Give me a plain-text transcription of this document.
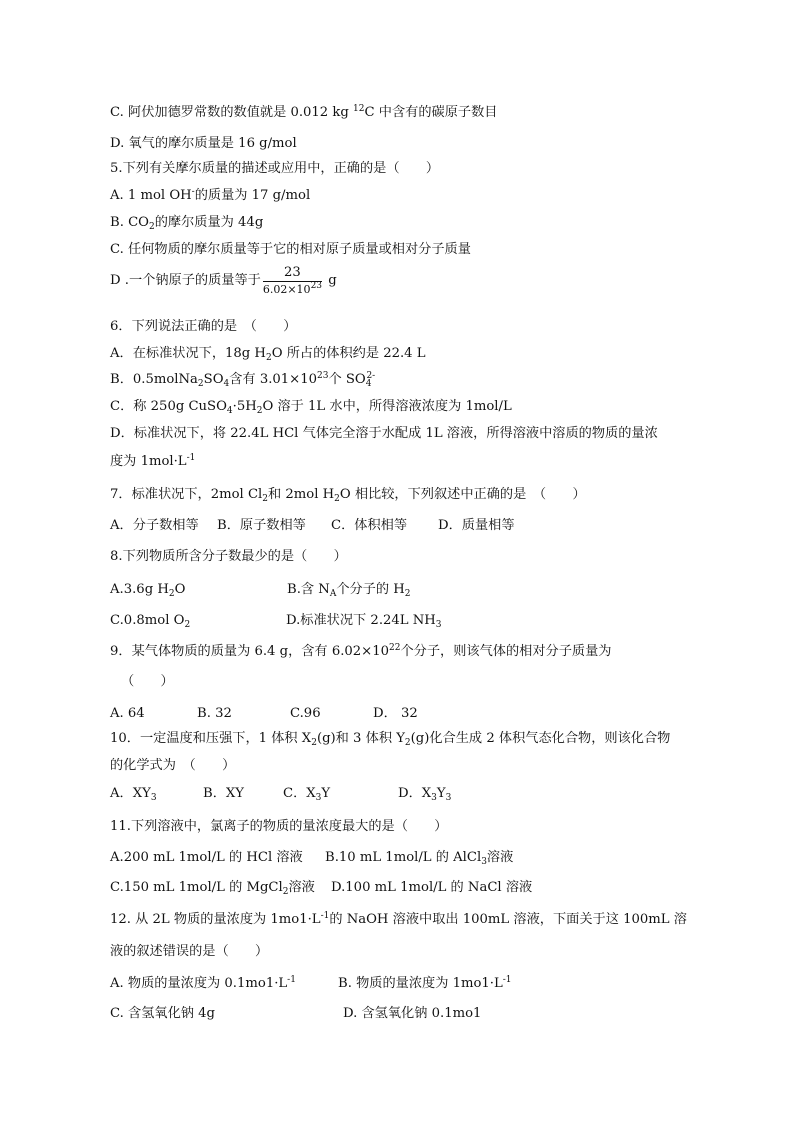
C. 阿伏加德罗常数的数值就是 0.012 kg $^{12}$C 中含有的碳原子数目
D. 氧气的摩尔质量是 16 g/mol
5.下列有关摩尔质量的描述或应用中，正确的是（　　）
A. 1 mol OH-的质量为 17 g/mol
B. $CO_2$的摩尔质量为 44g
C. 任何物质的摩尔质量等于它的相对原子质量或相对分子质量
D .一个钠原子的质量等于 $\frac{23}{6.02\times 10^{23}}$ g
6．下列说法正确的是　（　　）
A．在标准状况下，18g $H_2O$ 所占的体积约是 22.4 L
B．$0.5molNa_2SO_4$含有 $3.01\times 10^{23}$个 $SO_4^{2-}$
C．称 250g $CuSO_4\cdot 5H_2O$ 溶于 1L 水中，所得溶液浓度为 1mol/L
D．标准状况下，将 22.4L HCl 气体完全溶于水配成 1L 溶液，所得溶液中溶质的物质的量浓
度为 $1mol\cdot L^{-1}$
7．标准状况下，2mol $Cl_2$和 2mol $H_2O$ 相比较，下列叙述中正确的是　（　　）
A．分子数相等 B．原子数相等 C．体积相等 D．质量相等
8.下列物质所含分子数最少的是（　　）
A.3.6g $H_2O$	B.含 $N_A$个分子的 $H_2$
C.0.8mol $O_2$	D.标准状况下 2.24L $NH_3$
9．某气体物质的质量为 6.4 g，含有 $6.02\times 10^{22}$个分子，则该气体的相对分子质量为
（　　）
A. 64	B. 32	C.96	D． 32
10．一定温度和压强下，1 体积 $X_2(g)$和 3 体积 $Y_2(g)$化合生成 2 体积气态化合物，则该化合物
的化学式为　（　　）
A．$XY_3$	B．XY	C．$X_3Y$	D．$X_3Y_3$
11.下列溶液中，氯离子的物质的量浓度最大的是（　　）
A.200 mL 1mol/L 的 HCl 溶液 B.10 mL 1mol/L 的 AlCl$_3$溶液
C.150 mL 1mol/L 的 MgCl$_2$溶液 D.100 mL 1mol/L 的 NaCl 溶液
12. 从 2L 物质的量浓度为 $1mo1\cdot L^{-1}$的 NaOH 溶液中取出 100mL 溶液，下面关于这 100mL 溶
液的叙述错误的是（　　）
A. 物质的量浓度为 $0.1mo1\cdot L^{-1}$	B. 物质的量浓度为 $1mo1\cdot L^{-1}$
C. 含氢氧化钠 4g	D. 含氢氧化钠 0.1mo1
